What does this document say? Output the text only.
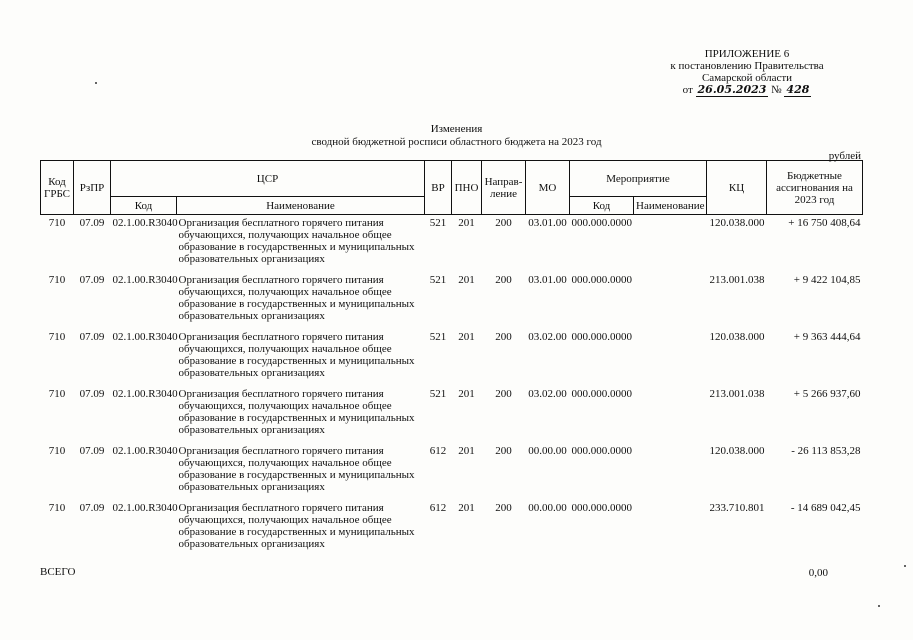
ПРИЛОЖЕНИЕ 6
к постановлению Правительства
Самарской области
от 26.05.2023 № 428
Изменения
сводной бюджетной росписи областного бюджета на 2023 год
рублей
Код ГРБС	РзПР	ЦСР		ВР	ПНО	Направ-ление	МО	Мероприятие		КЦ	Бюджетные ассигнования на 2023 год
		Код	Наименование					Код	Наименование		
710	07.09	02.1.00.R3040	Организация бесплатного горячего питания обучающихся, получающих начальное общее образование в государственных и муниципальных образовательных организациях	521	201	200	03.01.00	000.000.0000		120.038.000	+ 16 750 408,64
710	07.09	02.1.00.R3040	Организация бесплатного горячего питания обучающихся, получающих начальное общее образование в государственных и муниципальных образовательных организациях	521	201	200	03.01.00	000.000.0000		213.001.038	+ 9 422 104,85
710	07.09	02.1.00.R3040	Организация бесплатного горячего питания обучающихся, получающих начальное общее образование в государственных и муниципальных образовательных организациях	521	201	200	03.02.00	000.000.0000		120.038.000	+ 9 363 444,64
710	07.09	02.1.00.R3040	Организация бесплатного горячего питания обучающихся, получающих начальное общее образование в государственных и муниципальных образовательных организациях	521	201	200	03.02.00	000.000.0000		213.001.038	+ 5 266 937,60
710	07.09	02.1.00.R3040	Организация бесплатного горячего питания обучающихся, получающих начальное общее образование в государственных и муниципальных образовательных организациях	612	201	200	00.00.00	000.000.0000		120.038.000	- 26 113 853,28
710	07.09	02.1.00.R3040	Организация бесплатного горячего питания обучающихся, получающих начальное общее образование в государственных и муниципальных образовательных организациях	612	201	200	00.00.00	000.000.0000		233.710.801	- 14 689 042,45
ВСЕГО	0,00
